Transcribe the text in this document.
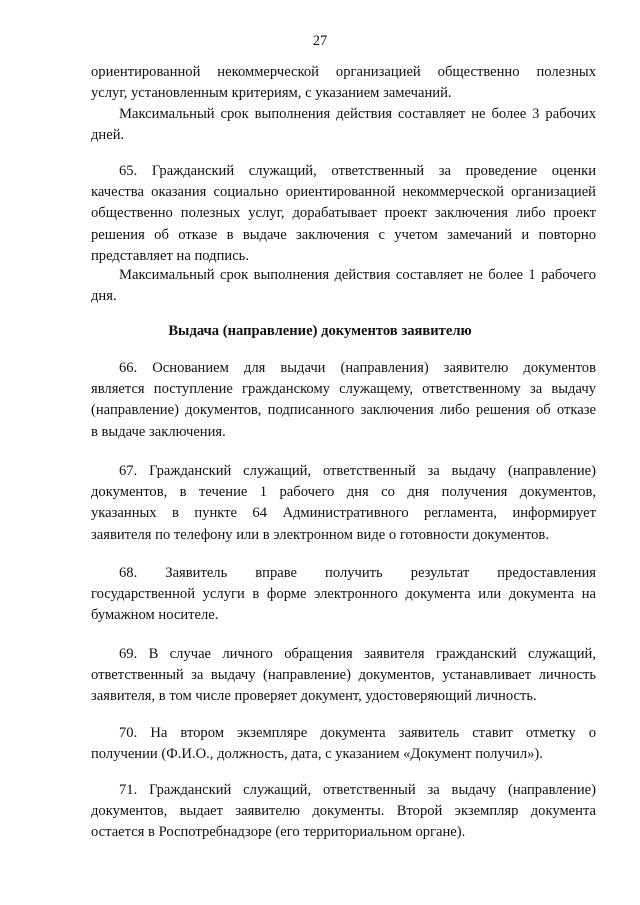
27
ориентированной некоммерческой организацией общественно полезных
услуг, установленным критериям, с указанием замечаний.
Максимальный срок выполнения действия составляет не более 3 рабочих
дней.
65. Гражданский служащий, ответственный за проведение оценки
качества оказания социально ориентированной некоммерческой организацией
общественно полезных услуг, дорабатывает проект заключения либо проект
решения об отказе в выдаче заключения с учетом замечаний и повторно
представляет на подпись.
Максимальный срок выполнения действия составляет не более 1 рабочего
дня.
Выдача (направление) документов заявителю
66. Основанием для выдачи (направления) заявителю документов
является поступление гражданскому служащему, ответственному за выдачу
(направление) документов, подписанного заключения либо решения об отказе
в выдаче заключения.
67. Гражданский служащий, ответственный за выдачу (направление)
документов, в течение 1 рабочего дня со дня получения документов,
указанных в пункте 64 Административного регламента, информирует
заявителя по телефону или в электронном виде о готовности документов.
68. Заявитель вправе получить результат предоставления
государственной услуги в форме электронного документа или документа на
бумажном носителе.
69. В случае личного обращения заявителя гражданский служащий,
ответственный за выдачу (направление) документов, устанавливает личность
заявителя, в том числе проверяет документ, удостоверяющий личность.
70. На втором экземпляре документа заявитель ставит отметку о
получении (Ф.И.О., должность, дата, с указанием «Документ получил»).
71. Гражданский служащий, ответственный за выдачу (направление)
документов, выдает заявителю документы. Второй экземпляр документа
остается в Роспотребнадзоре (его территориальном органе).
